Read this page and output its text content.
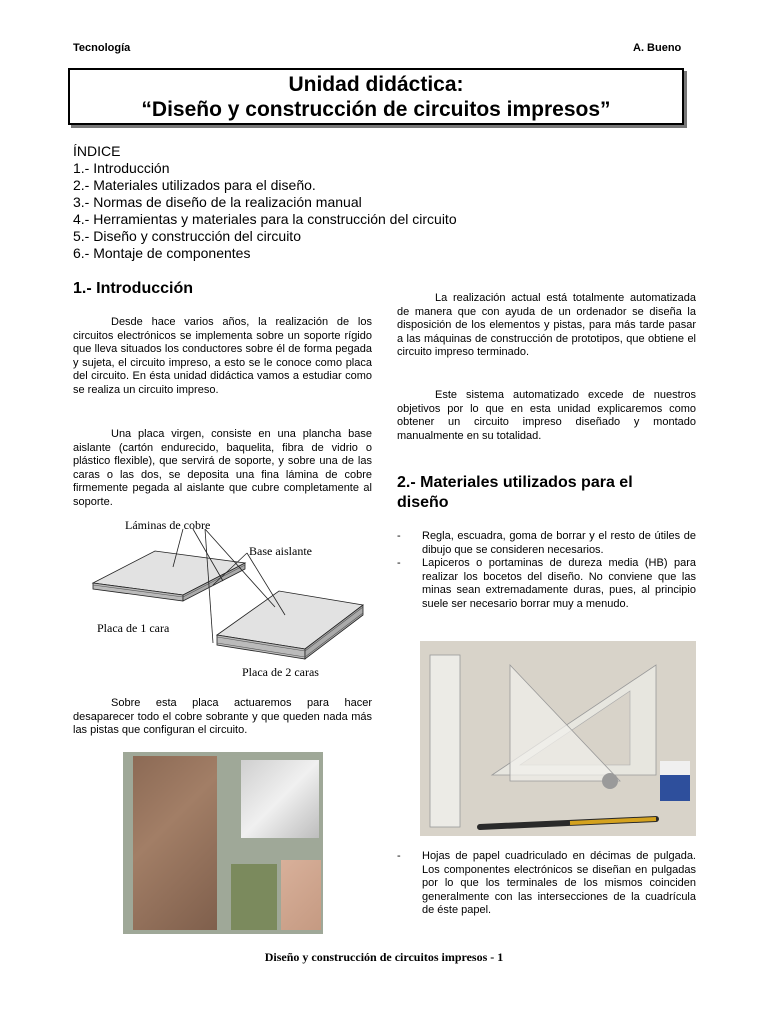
Tecnología	A. Bueno
Unidad didáctica:
“Diseño y construcción de circuitos impresos”
ÍNDICE
1.- Introducción
2.- Materiales utilizados para el diseño.
3.- Normas de diseño de la realización manual
4.- Herramientas y materiales para la construcción del circuito
5.- Diseño y construcción del circuito
6.- Montaje de componentes
1.- Introducción

Desde hace varios años, la realización de los circuitos electrónicos se implementa sobre un soporte rígido que lleva situados los conductores sobre él de forma pegada y sujeta, el circuito impreso, a esto se le conoce como placa del circuito. En ésta unidad didáctica vamos a estudiar como se realiza un circuito impreso.

Una placa virgen, consiste en una plancha base aislante (cartón endurecido, baquelita, fibra de vidrio o plástico flexible), que servirá de soporte, y sobre una de las caras o las dos, se deposita una fina lámina de cobre firmemente pegada al aislante que cubre completamente al soporte.

Láminas de cobre
Base aislante
Placa de 1 cara
Placa de 2 caras

Sobre esta placa actuaremos para hacer desaparecer todo el cobre sobrante y que queden nada más las pistas que configuran el circuito.

La realización actual está totalmente automatizada de manera que con ayuda de un ordenador se diseña la disposición de los elementos y pistas, para más tarde pasar a las máquinas de construcción de prototipos, que obtiene el circuito impreso terminado.

Este sistema automatizado excede de nuestros objetivos por lo que en esta unidad explicaremos como obtener un circuito impreso diseñado y montado manualmente en su totalidad.

2.- Materiales utilizados para el diseño
-	Regla, escuadra, goma de borrar y el resto de útiles de dibujo que se consideren necesarios.
-	Lapiceros o portaminas de dureza media (HB) para realizar los bocetos del diseño. No conviene que las minas sean extremadamente duras, pues, al principio suele ser necesario borrar muy a menudo.
-	Hojas de papel cuadriculado en décimas de pulgada. Los componentes electrónicos se diseñan en pulgadas por lo que los terminales de los mismos coinciden generalmente con las intersecciones de la cuadrícula de éste papel.
Diseño y construcción de circuitos impresos - 1
